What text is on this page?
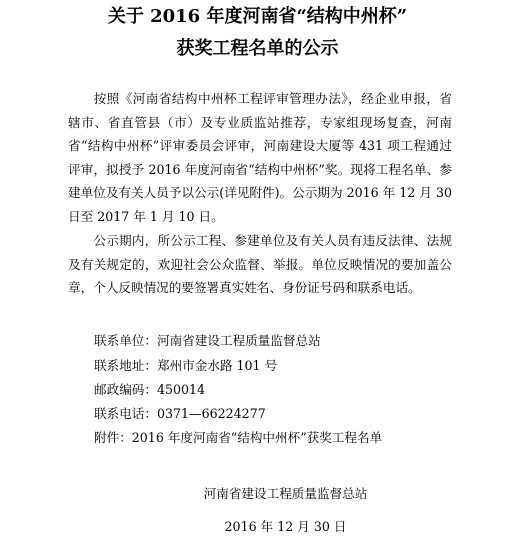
关于 2016 年度河南省“结构中州杯”
获奖工程名单的公示
按照《河南省结构中州杯工程评审管理办法》，经企业申报，省辖市、省直管县（市）及专业质监站推荐，专家组现场复查，河南省“结构中州杯”评审委员会评审，河南建设大厦等 431 项工程通过评审，拟授予 2016 年度河南省“结构中州杯”奖。现将工程名单、参建单位及有关人员予以公示(详见附件)。公示期为 2016 年 12 月 30 日至 2017 年 1 月 10 日。
公示期内，所公示工程、参建单位及有关人员有违反法律、法规及有关规定的，欢迎社会公众监督、举报。单位反映情况的要加盖公章，个人反映情况的要签署真实姓名、身份证号码和联系电话。
联系单位：河南省建设工程质量监督总站
联系地址：郑州市金水路 101 号
邮政编码：450014
联系电话：0371—66224277
附件：2016 年度河南省“结构中州杯”获奖工程名单
河南省建设工程质量监督总站
2016 年 12 月 30 日
